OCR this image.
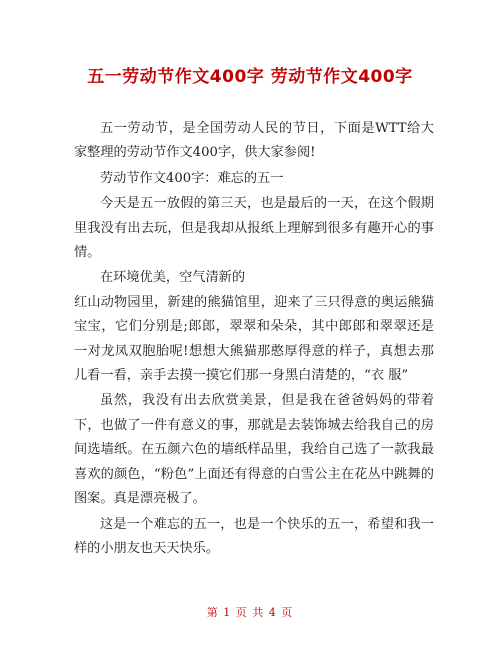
五一劳动节作文400字 劳动节作文400字

五一劳动节，是全国劳动人民的节日，下面是WTT给大家整理的劳动节作文400字，供大家参阅!

劳动节作文400字：难忘的五一

今天是五一放假的第三天，也是最后的一天，在这个假期里我没有出去玩，但是我却从报纸上理解到很多有趣开心的事情。

在环境优美，空气清新的

红山动物园里，新建的熊猫馆里，迎来了三只得意的奥运熊猫宝宝，它们分别是;郎郎，翠翠和朵朵，其中郎郎和翠翠还是一对龙凤双胞胎呢!想想大熊猫那憨厚得意的样子，真想去那儿看一看，亲手去摸一摸它们那一身黑白清楚的，“衣 服”

虽然，我没有出去欣赏美景，但是我在爸爸妈妈的带着下，也做了一件有意义的事，那就是去装饰城去给我自己的房间选墙纸。在五颜六色的墙纸样品里，我给自己选了一款我最喜欢的颜色，“粉色”上面还有得意的白雪公主在花丛中跳舞的图案。真是漂亮极了。

这是一个难忘的五一，也是一个快乐的五一，希望和我一样的小朋友也天天快乐。

第 1 页 共 4 页
